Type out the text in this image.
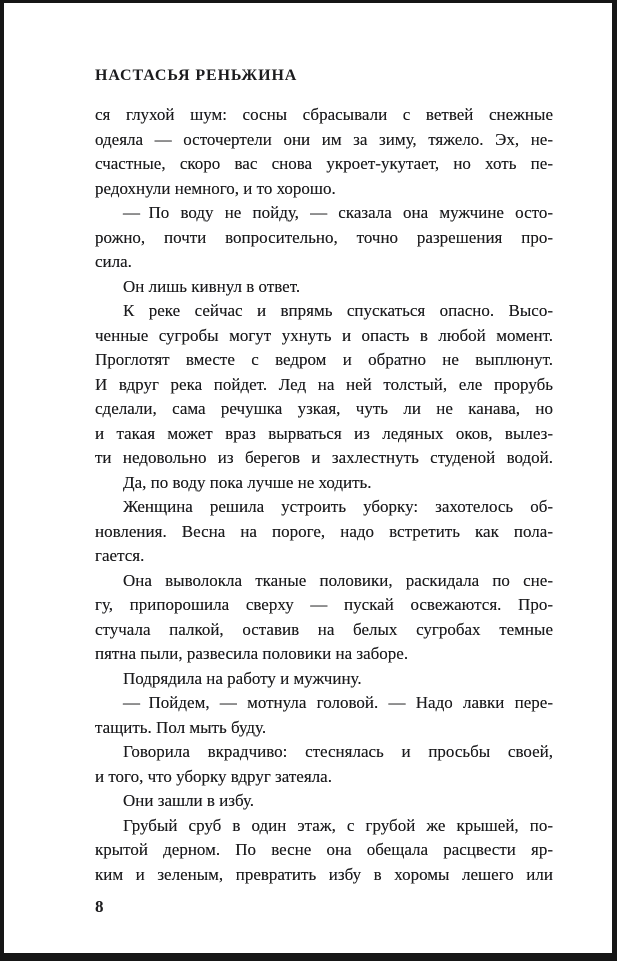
НАСТАСЬЯ РЕНЬЖИНА
ся глухой шум: сосны сбрасывали с ветвей снежные
одеяла — осточертели они им за зиму, тяжело. Эх, не-
счастные, скоро вас снова укроет-укутает, но хоть пе-
редохнули немного, и то хорошо.
— По воду не пойду, — сказала она мужчине осто-
рожно, почти вопросительно, точно разрешения про-
сила.
Он лишь кивнул в ответ.
К реке сейчас и впрямь спускаться опасно. Высо-
ченные сугробы могут ухнуть и опасть в любой момент.
Проглотят вместе с ведром и обратно не выплюнут.
И вдруг река пойдет. Лед на ней толстый, еле прорубь
сделали, сама речушка узкая, чуть ли не канава, но
и такая может враз вырваться из ледяных оков, вылез-
ти недовольно из берегов и захлестнуть студеной водой.
Да, по воду пока лучше не ходить.
Женщина решила устроить уборку: захотелось об-
новления. Весна на пороге, надо встретить как пола-
гается.
Она выволокла тканые половики, раскидала по сне-
гу, припорошила сверху — пускай освежаются. Про-
стучала палкой, оставив на белых сугробах темные
пятна пыли, развесила половики на заборе.
Подрядила на работу и мужчину.
— Пойдем, — мотнула головой. — Надо лавки пере-
тащить. Пол мыть буду.
Говорила вкрадчиво: стеснялась и просьбы своей,
и того, что уборку вдруг затеяла.
Они зашли в избу.
Грубый сруб в один этаж, с грубой же крышей, по-
крытой дерном. По весне она обещала расцвести яр-
ким и зеленым, превратить избу в хоромы лешего или
8
